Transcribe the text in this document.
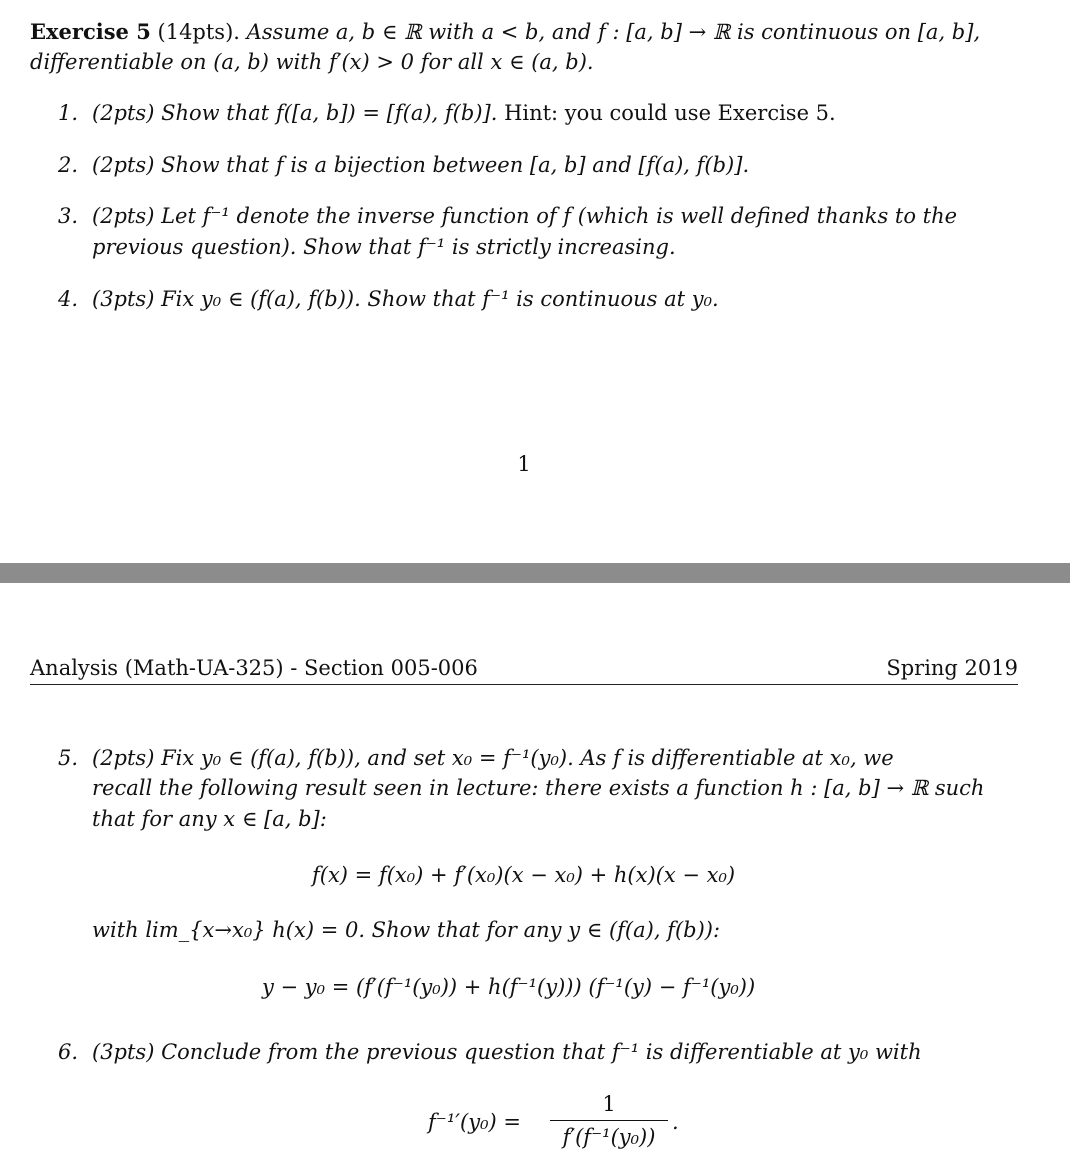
Exercise 5 (14pts). Assume a, b ∈ ℝ with a < b, and f : [a, b] → ℝ is continuous on [a, b],
differentiable on (a, b) with f′(x) > 0 for all x ∈ (a, b).
1. (2pts) Show that f([a, b]) = [f(a), f(b)]. Hint: you could use Exercise 5.
2. (2pts) Show that f is a bijection between [a, b] and [f(a), f(b)].
3. (2pts) Let f⁻¹ denote the inverse function of f (which is well defined thanks to the
previous question). Show that f⁻¹ is strictly increasing.
4. (3pts) Fix y₀ ∈ (f(a), f(b)). Show that f⁻¹ is continuous at y₀.
1
Analysis (Math-UA-325) - Section 005-006	Spring 2019
5. (2pts) Fix y₀ ∈ (f(a), f(b)), and set x₀ = f⁻¹(y₀). As f is differentiable at x₀, we
recall the following result seen in lecture: there exists a function h : [a, b] → ℝ such
that for any x ∈ [a, b]:
f(x) = f(x₀) + f′(x₀)(x − x₀) + h(x)(x − x₀)
with lim_{x→x₀} h(x) = 0. Show that for any y ∈ (f(a), f(b)):
y − y₀ = (f′(f⁻¹(y₀)) + h(f⁻¹(y))) (f⁻¹(y) − f⁻¹(y₀))
6. (3pts) Conclude from the previous question that f⁻¹ is differentiable at y₀ with
f⁻¹′(y₀) =
1
f′(f⁻¹(y₀))
.
